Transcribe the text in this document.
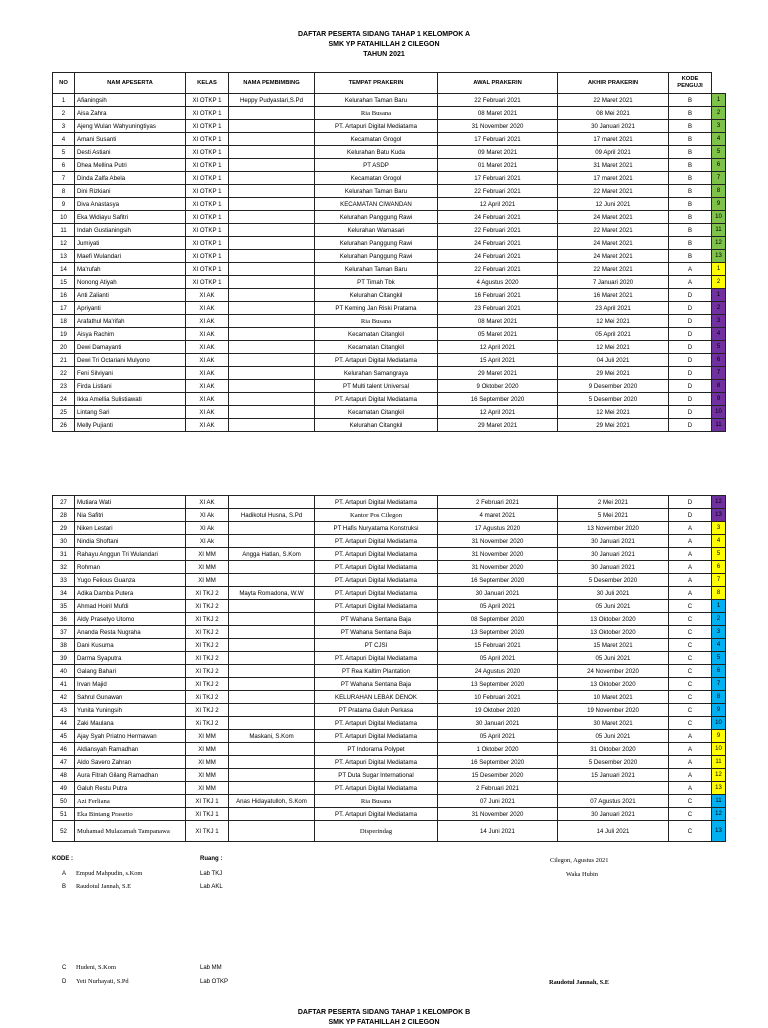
DAFTAR PESERTA SIDANG TAHAP 1 KELOMPOK A
SMK YP FATAHILLAH 2 CILEGON
TAHUN 2021
NO	NAM APESERTA	KELAS	NAMA PEMBIMBING	TEMPAT PRAKERIN	AWAL PRAKERIN	AKHIR PRAKERIN	KODE PENGUJI	
1	Afianingsih	XI OTKP 1	Heppy Pudyastari,S.Pd	Kelurahan Taman Baru	22 Februari 2021	22 Maret 2021	B	1
2	Aisa Zahra	XI OTKP 1		Ria Busana	08 Maret 2021	08 Mei 2021	B	2
3	Ajeng Wulan Wahyuningtiyas	XI OTKP 1		PT. Artapuri Digital Mediatama	31 November 2020	30 Januari 2021	B	3
4	Amani Susanti	XI OTKP 1		Kecamatan Grogol	17 Februari 2021	17 maret 2021	B	4
5	Desti Astiani	XI OTKP 1		Kelurahan Batu Kuda	09 Maret 2021	09 April 2021	B	5
6	Dhea Mellina Putri	XI OTKP 1		PT ASDP	01 Maret 2021	31 Maret 2021	B	6
7	Dinda Zalfa Abela	XI OTKP 1		Kecamatan Grogol	17 Februari 2021	17 maret 2021	B	7
8	Dini Rizkiani	XI OTKP 1		Kelurahan Taman Baru	22 Februari 2021	22 Maret 2021	B	8
9	Diva Anastasya	XI OTKP 1		KECAMATAN CIWANDAN	12 April 2021	12 Juni 2021	B	9
10	Eka Widiayu Safitri	XI OTKP 1		Kelurahan Panggung Rawi	24 Februari 2021	24 Maret 2021	B	10
11	Indah Gustianingsih	XI OTKP 1		Kelurahan Warnasari	22 Februari 2021	22 Maret 2021	B	11
12	Jumiyati	XI OTKP 1		Kelurahan Panggung Rawi	24 Februari 2021	24 Maret 2021	B	12
13	Maefi Wulandari	XI OTKP 1		Kelurahan Panggung Rawi	24 Februari 2021	24 Maret 2021	B	13
14	Ma'rufah	XI OTKP 1		Kelurahan Taman Baru	22 Februari 2021	22 Maret 2021	A	1
15	Nonong Atiyah	XI OTKP 1		PT Timah Tbk	4 Agustus 2020	7 Januari 2020	A	2
16	Anti Zalianti	XI AK		Kelurahan Citangkil	16 Februari 2021	16 Maret 2021	D	1
17	Apriyanti	XI AK		PT Keming Jan Riski Pratama	23 Februari 2021	23 April 2021	D	2
18	Arafathul Ma'rifah	XI AK		Ria Busana	08 Maret 2021	12 Mei 2021	D	3
19	Aisya Rachim	XI AK		Kecamatan Citangkil	05 Maret 2021	05 April 2021	D	4
20	Dewi Damayanti	XI AK		Kecamatan Citangkil	12 April 2021	12 Mei 2021	D	5
21	Dewi Tri Octariani Mulyono	XI AK		PT. Artapuri Digital Mediatama	15 April 2021	04 Juli 2021	D	6
22	Feni Silviyani	XI AK		Kelurahan Samangraya	29 Maret 2021	29 Mei 2021	D	7
23	Firda Listiani	XI AK		PT Multi talent Universal	9 Oktober 2020	9 Desember 2020	D	8
24	Ikka Amellia Sulistiawati	XI AK		PT. Artapuri Digital Mediatama	16 September 2020	5 Desember 2020	D	9
25	Lintang Sari	XI AK		Kecamatan Citangkil	12 April 2021	12 Mei 2021	D	10
26	Melly Pujianti	XI AK		Kelurahan Citangkil	29 Maret 2021	29 Mei 2021	D	11
27	Mutiara Wati	XI AK		PT. Artapuri Digital Mediatama	2 Februari 2021	2 Mei 2021	D	12
28	Nia Safitri	XI Ak	Hadikotul Husna, S.Pd	Kantor Pos Cilegon	4 maret 2021	5 Mei 2021	D	13
29	Niken Lestari	XI Ak		PT Hafis Nuryatama Konstruksi	17 Agustus 2020	13 November 2020	A	3
30	Nindia Shoftani	XI Ak		PT. Artapuri Digital Mediatama	31 November 2020	30 Januari 2021	A	4
31	Rahayu Anggun Tri Wulandari	XI MM	Angga Hatlan, S.Kom	PT. Artapuri Digital Mediatama	31 November 2020	30 Januari 2021	A	5
32	Rohman	XI MM		PT. Artapuri Digital Mediatama	31 November 2020	30 Januari 2021	A	6
33	Yugo Felious Guanza	XI MM		PT. Artapuri Digital Mediatama	16 September 2020	5 Desember 2020	A	7
34	Adika Damba Putera	XI TKJ 2	Mayta Romadona, W.W	PT. Artapuri Digital Mediatama	30 Januari 2021	30 Juli 2021	A	8
35	Ahmad Hoiril Mufdi	XI TKJ 2		PT. Artapuri Digital Mediatama	05 April 2021	05 Juni 2021	C	1
36	Aldy Prasetyo Utomo	XI TKJ 2		PT Wahana Sentana Baja	08 September 2020	13 Oktober 2020	C	2
37	Ananda Resta Nugraha	XI TKJ 2		PT Wahana Sentana Baja	13 September 2020	13 Oktober 2020	C	3
38	Dani Kusuma	XI TKJ 2		PT CJSI	15 Februari 2021	15 Maret 2021	C	4
39	Darma Syaputra	XI TKJ 2		PT. Artapuri Digital Mediatama	05 April 2021	05 Juni 2021	C	5
40	Galang Bahari	XI TKJ 2		PT Rea Kaltim Plantation	24 Agustus 2020	24 November 2020	C	6
41	Irvan Majid	XI TKJ 2		PT Wahana Sentana Baja	13 September 2020	13 Oktober 2020	C	7
42	Sahrul Gunawan	Xi TKJ 2		KELURAHAN LEBAK DENOK	10 Februari 2021	10 Maret 2021	C	8
43	Yunita Yuningsih	XI TKJ 2		PT Pratama Galuh Perkasa	19 Oktober 2020	19 November 2020	C	9
44	Zaki Maulana	Xi TKJ 2		PT. Artapuri Digital Mediatama	30 Januari 2021	30 Maret 2021	C	10
45	Ajay Syah Priatno Hermawan	XI MM	Maskani, S.Kom	PT. Artapuri Digital Mediatama	05 April 2021	05 Juni 2021	A	9
46	Aldiansyah Ramadhan	XI MM		PT Indorama Polypet	1 Oktober 2020	31 Oktober 2020	A	10
47	Aldo Savero Zahran	XI MM		PT. Artapuri Digital Mediatama	16 September 2020	5 Desember 2020	A	11
48	Aura Fitrah Gilang Ramadhan	XI MM		PT Duta Sugar International	15 Desember 2020	15 Januari 2021	A	12
49	Galuh Restu Putra	XI MM		PT. Artapuri Digital Mediatama	2 Februari 2021		A	13
50	Azi Ferliana	XI TKJ 1	Anas Hidayatulloh, S.Kom	Ria Busana	07 Juni 2021	07 Agustus 2021	C	11
51	Eka Bintang Prasetio	XI TKJ 1		PT. Artapuri Digital Mediatama	31 November 2020	30 Januari 2021	C	12
52	Muhamad Mulazamah Tampanawa	XI TKJ 1		Disperindag	14 Juni 2021	14 Juli 2021	C	13
KODE :	Ruang :
A Empud Mahpudin, s.Kom	Lab TKJ
B Raudotul Jannah, S.E	Lab AKL
C Hudeni, S.Kom	Lab MM
D Yeti Nurhayati, S.Pd	Lab OTKP
Cilegon, Agustus 2021
Waka Hubin
Raudotul Jannah, S.E
DAFTAR PESERTA SIDANG TAHAP 1 KELOMPOK B
SMK YP FATAHILLAH 2 CILEGON
